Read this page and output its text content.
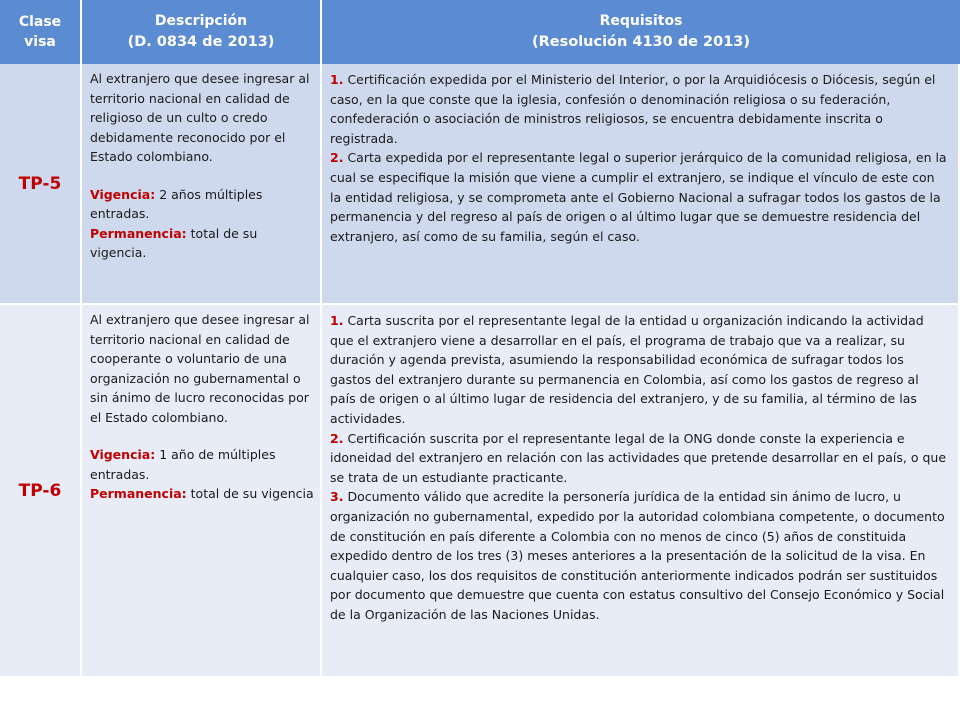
Clase
visa
Descripción
(D. 0834 de 2013)
Requisitos
(Resolución 4130 de 2013)
TP-5
Al extranjero que desee ingresar al territorio nacional en calidad de religioso de un culto o credo debidamente reconocido por el Estado colombiano.
Vigencia: 2 años múltiples entradas.
Permanencia: total de su vigencia.
1. Certificación expedida por el Ministerio del Interior, o por la Arquidiócesis o Diócesis, según el caso, en la que conste que la iglesia, confesión o denominación religiosa o su federación, confederación o asociación de ministros religiosos, se encuentra debidamente inscrita o registrada.
2. Carta expedida por el representante legal o superior jerárquico de la comunidad religiosa, en la cual se especifique la misión que viene a cumplir el extranjero, se indique el vínculo de este con la entidad religiosa, y se comprometa ante el Gobierno Nacional a sufragar todos los gastos de la permanencia y del regreso al país de origen o al último lugar que se demuestre residencia del extranjero, así como de su familia, según el caso.
TP-6
Al extranjero que desee ingresar al territorio nacional en calidad de cooperante o voluntario de una organización no gubernamental o sin ánimo de lucro reconocidas por el Estado colombiano.
Vigencia: 1 año de múltiples entradas.
Permanencia: total de su vigencia
1. Carta suscrita por el representante legal de la entidad u organización indicando la actividad que el extranjero viene a desarrollar en el país, el programa de trabajo que va a realizar, su duración y agenda prevista, asumiendo la responsabilidad económica de sufragar todos los gastos del extranjero durante su permanencia en Colombia, así como los gastos de regreso al país de origen o al último lugar de residencia del extranjero, y de su familia, al término de las actividades.
2. Certificación suscrita por el representante legal de la ONG donde conste la experiencia e idoneidad del extranjero en relación con las actividades que pretende desarrollar en el país, o que se trata de un estudiante practicante.
3. Documento válido que acredite la personería jurídica de la entidad sin ánimo de lucro, u organización no gubernamental, expedido por la autoridad colombiana competente, o documento de constitución en país diferente a Colombia con no menos de cinco (5) años de constituida expedido dentro de los tres (3) meses anteriores a la presentación de la solicitud de la visa. En cualquier caso, los dos requisitos de constitución anteriormente indicados podrán ser sustituidos por documento que demuestre que cuenta con estatus consultivo del Consejo Económico y Social de la Organización de las Naciones Unidas.
